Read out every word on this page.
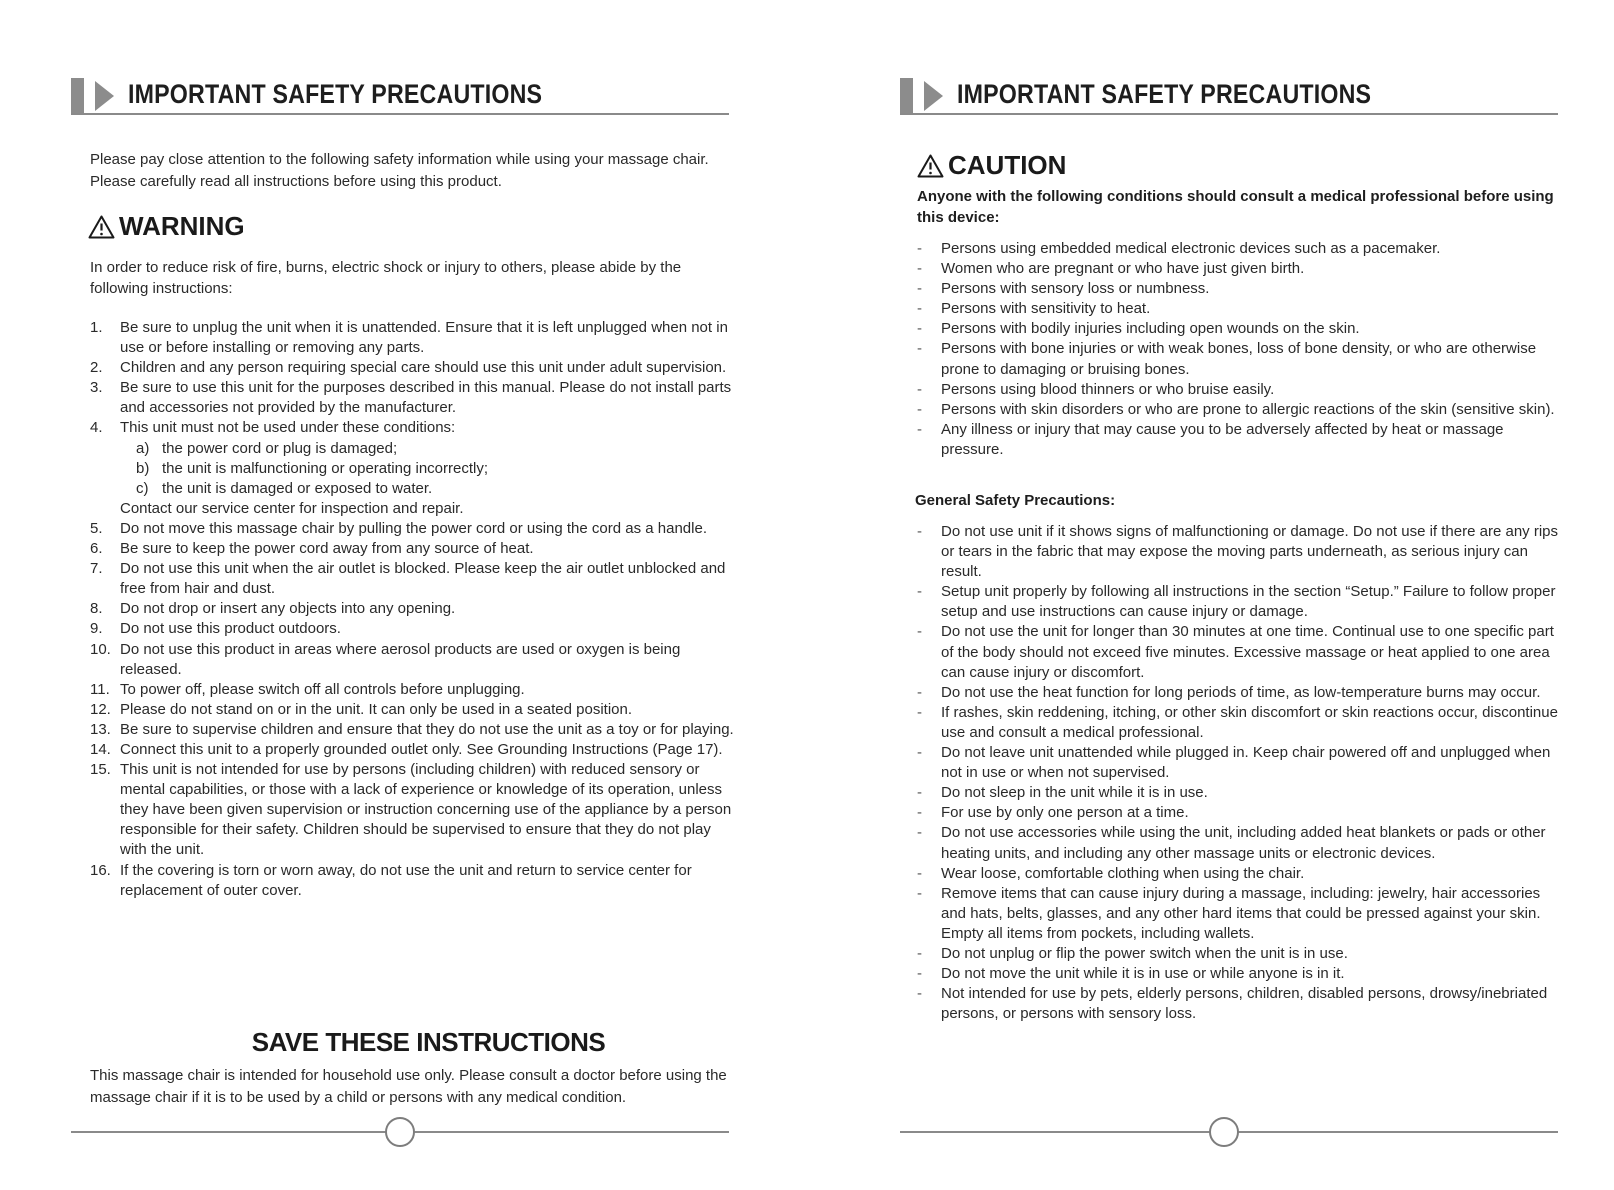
IMPORTANT SAFETY PRECAUTIONS
Please pay close attention to the following safety information while using your massage chair. Please carefully read all instructions before using this product.
WARNING
In order to reduce risk of fire, burns, electric shock or injury to others, please abide by the following instructions:
1. Be sure to unplug the unit when it is unattended. Ensure that it is left unplugged when not in use or before installing or removing any parts.
2. Children and any person requiring special care should use this unit under adult supervision.
3. Be sure to use this unit for the purposes described in this manual. Please do not install parts and accessories not provided by the manufacturer.
4. This unit must not be used under these conditions:
a) the power cord or plug is damaged;
b) the unit is malfunctioning or operating incorrectly;
c) the unit is damaged or exposed to water.
Contact our service center for inspection and repair.
5. Do not move this massage chair by pulling the power cord or using the cord as a handle.
6. Be sure to keep the power cord away from any source of heat.
7. Do not use this unit when the air outlet is blocked. Please keep the air outlet unblocked and free from hair and dust.
8. Do not drop or insert any objects into any opening.
9. Do not use this product outdoors.
10. Do not use this product in areas where aerosol products are used or oxygen is being released.
11. To power off, please switch off all controls before unplugging.
12. Please do not stand on or in the unit. It can only be used in a seated position.
13. Be sure to supervise children and ensure that they do not use the unit as a toy or for playing.
14. Connect this unit to a properly grounded outlet only. See Grounding Instructions (Page 17).
15. This unit is not intended for use by persons (including children) with reduced sensory or mental capabilities, or those with a lack of experience or knowledge of its operation, unless they have been given supervision or instruction concerning use of the appliance by a person responsible for their safety. Children should be supervised to ensure that they do not play with the unit.
16. If the covering is torn or worn away, do not use the unit and return to service center for replacement of outer cover.
SAVE THESE INSTRUCTIONS
This massage chair is intended for household use only. Please consult a doctor before using the massage chair if it is to be used by a child or persons with any medical condition.
IMPORTANT SAFETY PRECAUTIONS
CAUTION
Anyone with the following conditions should consult a medical professional before using this device:
- Persons using embedded medical electronic devices such as a pacemaker.
- Women who are pregnant or who have just given birth.
- Persons with sensory loss or numbness.
- Persons with sensitivity to heat.
- Persons with bodily injuries including open wounds on the skin.
- Persons with bone injuries or with weak bones, loss of bone density, or who are otherwise prone to damaging or bruising bones.
- Persons using blood thinners or who bruise easily.
- Persons with skin disorders or who are prone to allergic reactions of the skin (sensitive skin).
- Any illness or injury that may cause you to be adversely affected by heat or massage pressure.
General Safety Precautions:
- Do not use unit if it shows signs of malfunctioning or damage. Do not use if there are any rips or tears in the fabric that may expose the moving parts underneath, as serious injury can result.
- Setup unit properly by following all instructions in the section “Setup.” Failure to follow proper setup and use instructions can cause injury or damage.
- Do not use the unit for longer than 30 minutes at one time. Continual use to one specific part of the body should not exceed five minutes. Excessive massage or heat applied to one area can cause injury or discomfort.
- Do not use the heat function for long periods of time, as low-temperature burns may occur.
- If rashes, skin reddening, itching, or other skin discomfort or skin reactions occur, discontinue use and consult a medical professional.
- Do not leave unit unattended while plugged in. Keep chair powered off and unplugged when not in use or when not supervised.
- Do not sleep in the unit while it is in use.
- For use by only one person at a time.
- Do not use accessories while using the unit, including added heat blankets or pads or other heating units, and including any other massage units or electronic devices.
- Wear loose, comfortable clothing when using the chair.
- Remove items that can cause injury during a massage, including: jewelry, hair accessories and hats, belts, glasses, and any other hard items that could be pressed against your skin. Empty all items from pockets, including wallets.
- Do not unplug or flip the power switch when the unit is in use.
- Do not move the unit while it is in use or while anyone is in it.
- Not intended for use by pets, elderly persons, children, disabled persons, drowsy/inebriated persons, or persons with sensory loss.
